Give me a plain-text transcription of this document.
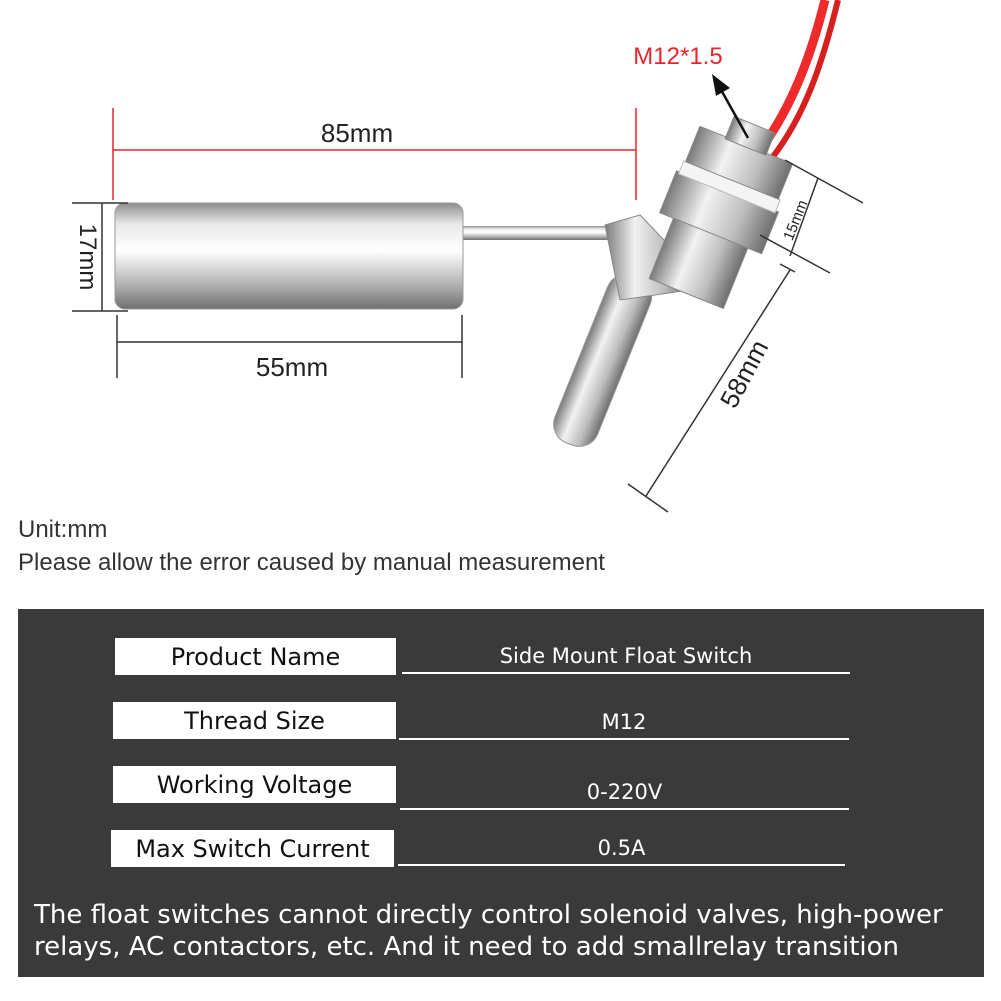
85mm
17mm
55mm
M12*1.5
15mm
58mm
Unit:mm
Please allow the error caused by manual measurement
Product Name	Side Mount Float Switch
Thread Size	M12
Working Voltage	0-220V
Max Switch Current	0.5A
The float switches cannot directly control solenoid valves, high-power relays, AC contactors, etc. And it need to add smallrelay transition
